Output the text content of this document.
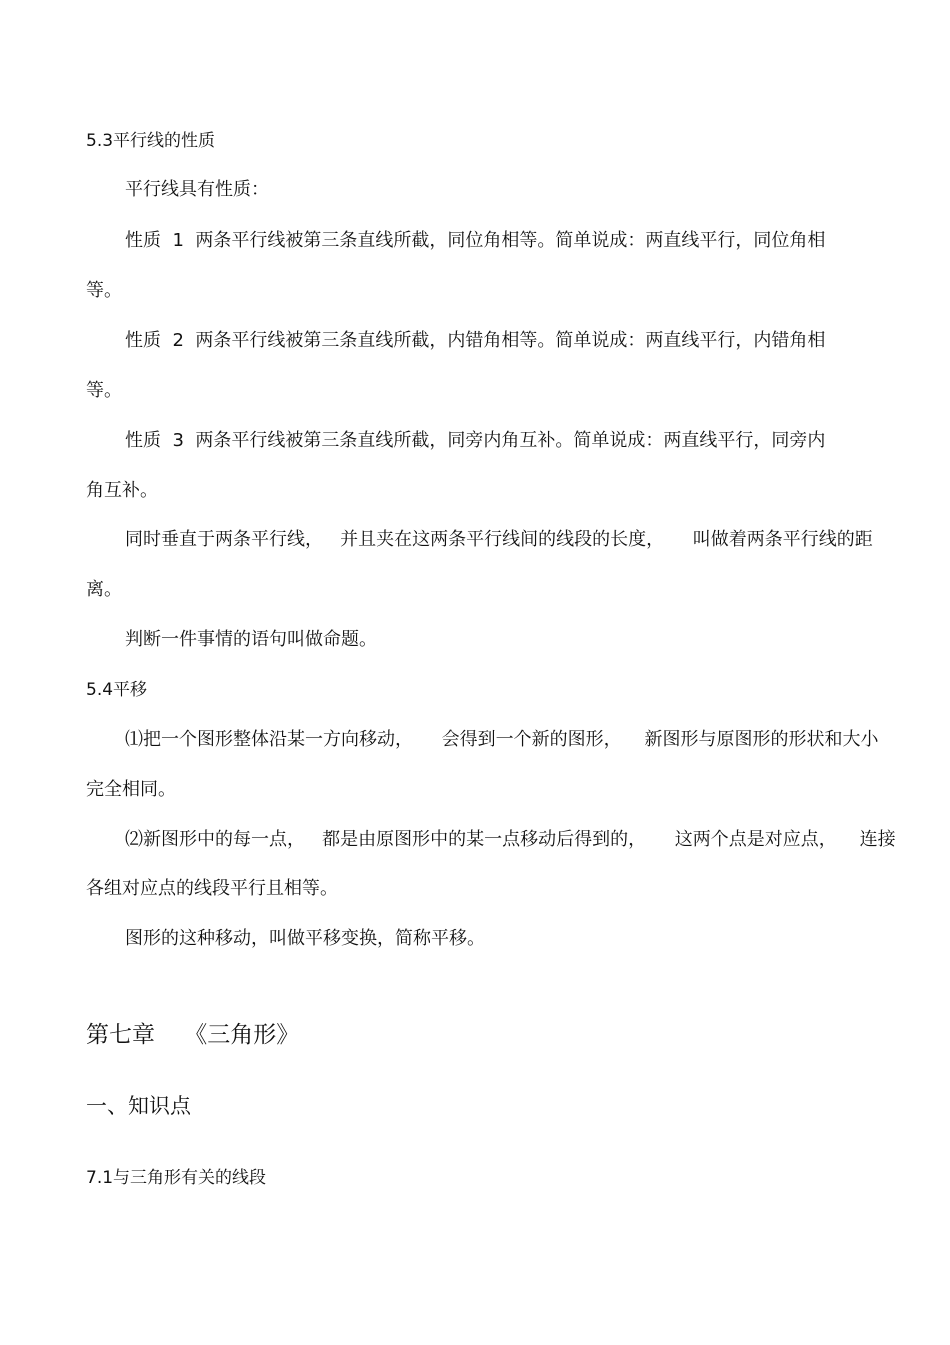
5.3平行线的性质
平行线具有性质：
性质  1  两条平行线被第三条直线所截，同位角相等。简单说成：两直线平行，同位角相
等。
性质  2  两条平行线被第三条直线所截，内错角相等。简单说成：两直线平行，内错角相
等。
性质  3  两条平行线被第三条直线所截，同旁内角互补。简单说成：两直线平行，同旁内
角互补。
同时垂直于两条平行线，   并且夹在这两条平行线间的线段的长度，     叫做着两条平行线的距
离。
判断一件事情的语句叫做命题。
5.4平移
⑴把一个图形整体沿某一方向移动，     会得到一个新的图形，    新图形与原图形的形状和大小
完全相同。
⑵新图形中的每一点，   都是由原图形中的某一点移动后得到的，     这两个点是对应点，    连接
各组对应点的线段平行且相等。
图形的这种移动，叫做平移变换，简称平移。
第七章    《三角形》
一、知识点
7.1与三角形有关的线段
